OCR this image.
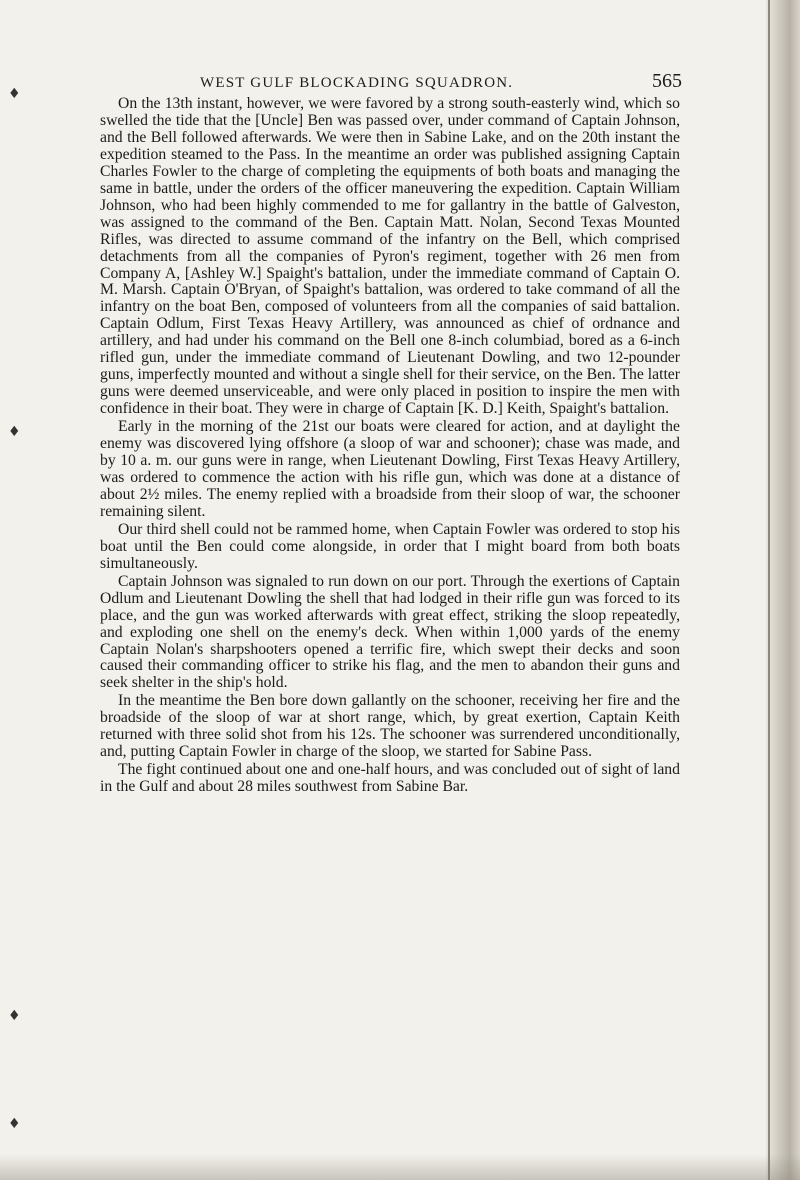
♦
♦
♦
♦
WEST GULF BLOCKADING SQUADRON.	565

On the 13th instant, however, we were favored by a strong south-easterly wind, which so swelled the tide that the [Uncle] Ben was passed over, under command of Captain Johnson, and the Bell followed afterwards. We were then in Sabine Lake, and on the 20th instant the expedition steamed to the Pass. In the meantime an order was published assigning Captain Charles Fowler to the charge of completing the equipments of both boats and managing the same in battle, under the orders of the officer maneuvering the expedition. Captain William Johnson, who had been highly commended to me for gallantry in the battle of Galveston, was assigned to the command of the Ben. Captain Matt. Nolan, Second Texas Mounted Rifles, was directed to assume command of the infantry on the Bell, which comprised detachments from all the companies of Pyron's regiment, together with 26 men from Company A, [Ashley W.] Spaight's battalion, under the immediate command of Captain O. M. Marsh. Captain O'Bryan, of Spaight's battalion, was ordered to take command of all the infantry on the boat Ben, composed of volunteers from all the companies of said battalion. Captain Odlum, First Texas Heavy Artillery, was announced as chief of ordnance and artillery, and had under his command on the Bell one 8-inch columbiad, bored as a 6-inch rifled gun, under the immediate command of Lieutenant Dowling, and two 12-pounder guns, imperfectly mounted and without a single shell for their service, on the Ben. The latter guns were deemed unserviceable, and were only placed in position to inspire the men with confidence in their boat. They were in charge of Captain [K. D.] Keith, Spaight's battalion.

Early in the morning of the 21st our boats were cleared for action, and at daylight the enemy was discovered lying offshore (a sloop of war and schooner); chase was made, and by 10 a. m. our guns were in range, when Lieutenant Dowling, First Texas Heavy Artillery, was ordered to commence the action with his rifle gun, which was done at a distance of about 2½ miles. The enemy replied with a broadside from their sloop of war, the schooner remaining silent.

Our third shell could not be rammed home, when Captain Fowler was ordered to stop his boat until the Ben could come alongside, in order that I might board from both boats simultaneously.

Captain Johnson was signaled to run down on our port. Through the exertions of Captain Odlum and Lieutenant Dowling the shell that had lodged in their rifle gun was forced to its place, and the gun was worked afterwards with great effect, striking the sloop repeatedly, and exploding one shell on the enemy's deck. When within 1,000 yards of the enemy Captain Nolan's sharpshooters opened a terrific fire, which swept their decks and soon caused their commanding officer to strike his flag, and the men to abandon their guns and seek shelter in the ship's hold.

In the meantime the Ben bore down gallantly on the schooner, receiving her fire and the broadside of the sloop of war at short range, which, by great exertion, Captain Keith returned with three solid shot from his 12s. The schooner was surrendered unconditionally, and, putting Captain Fowler in charge of the sloop, we started for Sabine Pass.

The fight continued about one and one-half hours, and was concluded out of sight of land in the Gulf and about 28 miles southwest from Sabine Bar.
